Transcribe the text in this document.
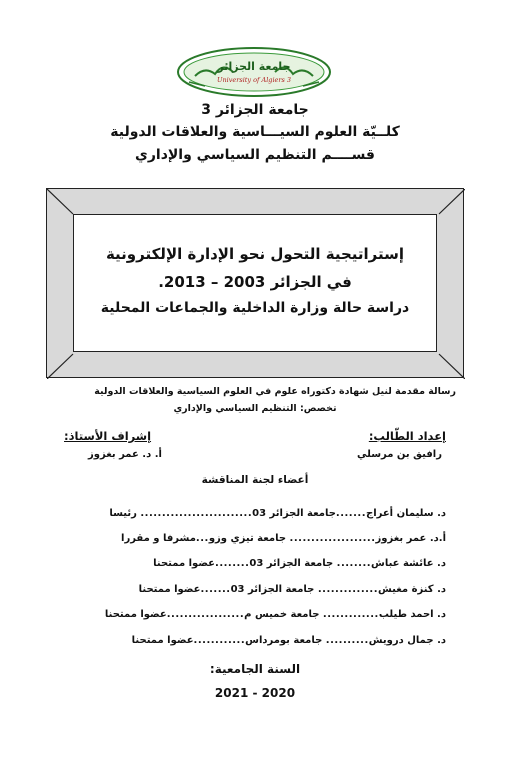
جامعة الجزائر
University of Algiers 3
جامعة الجزائر 3
كلــيّة العلوم السيـــاسية والعلاقات الدولية
قســــم التنظيم السياسي والإداري
إستراتيجية التحول نحو الإدارة الإلكترونية
في الجزائر 2003 – 2013.
دراسة حالة وزارة الداخلية والجماعات المحلية
رسالة مقدمة لنيل شهادة دكتوراه علوم في العلوم السياسية والعلاقات الدولية
تخصص: التنظيم السياسي والإداري
إعداد الطّالب:
رافيق بن مرسلي
إشراف الأستاذ:
أ. د. عمر بغزوز
أعضاء لجنة المناقشة
د. سليمان أعراج.......جامعة الجزائر 03.......................... رئيسا
أ.د. عمر بغزوز.................... جامعة تيزي وزو...مشرفا و مقررا
د. عائشة عباش........ جامعة الجزائر 03........عضوا ممتحنا
د. كنزة مغيش.............. جامعة الجزائر 03.......عضوا ممتحنا
د. احمد طيلب............. جامعة خميس م..................عضوا ممتحنا
د. جمال درويش.......... جامعة بومرداس............عضوا ممتحنا
السنة الجامعية:
2021 - 2020
